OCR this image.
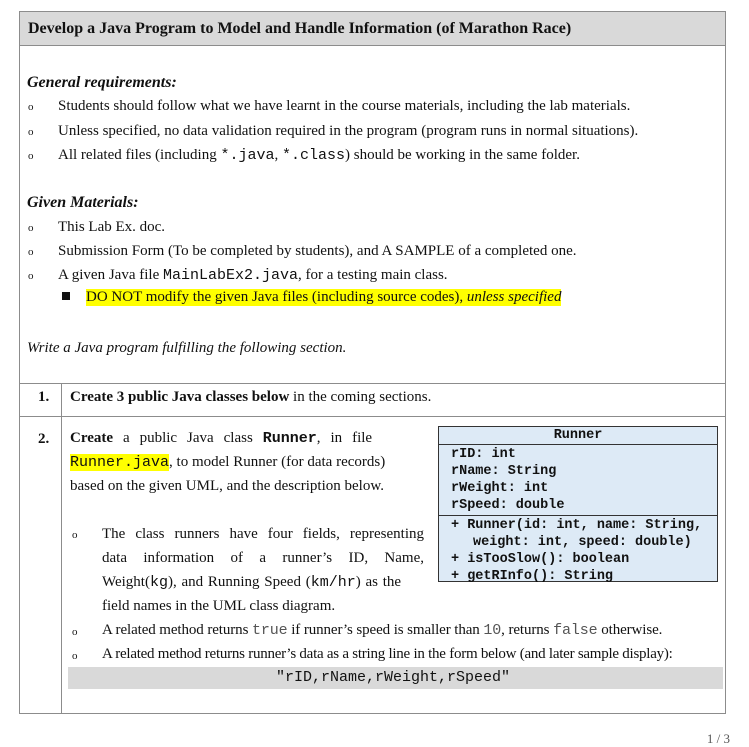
Develop a Java Program to Model and Handle Information (of Marathon Race)
General requirements:
o Students should follow what we have learnt in the course materials, including the lab materials.
o Unless specified, no data validation required in the program (program runs in normal situations).
o All related files (including *.java, *.class) should be working in the same folder.
Given Materials:
o This Lab Ex. doc.
o Submission Form (To be completed by students), and A SAMPLE of a completed one.
o A given Java file MainLabEx2.java, for a testing main class.
DO NOT modify the given Java files (including source codes), unless specified
Write a Java program fulfilling the following section.
1. Create 3 public Java classes below in the coming sections.
2. Create a public Java class Runner, in file
Runner.java, to model Runner (for data records)
based on the given UML, and the description below.
Runner
rID: int
rName: String
rWeight: int
rSpeed: double
+ Runner(id: int, name: String,
weight: int, speed: double)
+ isTooSlow(): boolean
+ getRInfo(): String
o The class runners have four fields, representing
data information of a runner’s ID, Name,
Weight(kg), and Running Speed (km/hr) as the
field names in the UML class diagram.
o A related method returns true if runner’s speed is smaller than 10, returns false otherwise.
o A related method returns runner’s data as a string line in the form below (and later sample display):
"rID,rName,rWeight,rSpeed"
1 / 3
